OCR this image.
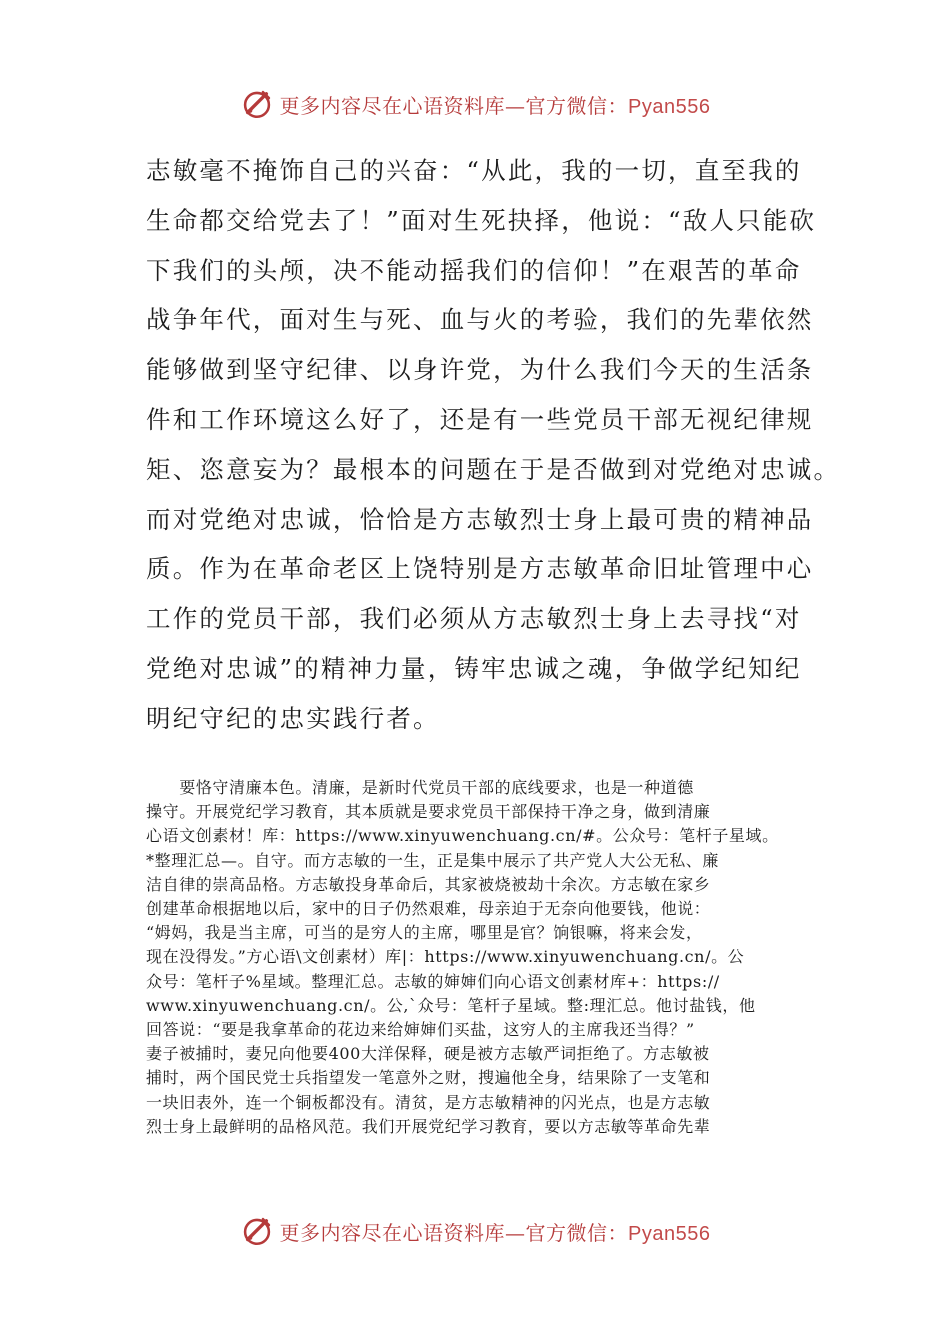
更多内容尽在心语资料库—官方微信：Pyan556
志敏毫不掩饰自己的兴奋：“从此，我的一切，直至我的
生命都交给党去了！”面对生死抉择，他说：“敌人只能砍
下我们的头颅，决不能动摇我们的信仰！”在艰苦的革命
战争年代，面对生与死、血与火的考验，我们的先辈依然
能够做到坚守纪律、以身许党，为什么我们今天的生活条
件和工作环境这么好了，还是有一些党员干部无视纪律规
矩、恣意妄为？最根本的问题在于是否做到对党绝对忠诚。
而对党绝对忠诚，恰恰是方志敏烈士身上最可贵的精神品
质。作为在革命老区上饶特别是方志敏革命旧址管理中心
工作的党员干部，我们必须从方志敏烈士身上去寻找“对
党绝对忠诚”的精神力量，铸牢忠诚之魂，争做学纪知纪
明纪守纪的忠实践行者。
　　要恪守清廉本色。清廉，是新时代党员干部的底线要求，也是一种道德
操守。开展党纪学习教育，其本质就是要求党员干部保持干净之身，做到清廉
心语文创素材！库：https://www.xinyuwenchuang.cn/#。公众号：笔杆子星域。
*整理汇总—。自守。而方志敏的一生，正是集中展示了共产党人大公无私、廉
洁自律的崇高品格。方志敏投身革命后，其家被烧被劫十余次。方志敏在家乡
创建革命根据地以后，家中的日子仍然艰难，母亲迫于无奈向他要钱，他说：
“姆妈，我是当主席，可当的是穷人的主席，哪里是官？饷银嘛，将来会发，
现在没得发。”方心语\文创素材）库|：https://www.xinyuwenchuang.cn/。公
众号：笔杆子%星域。整理汇总。志敏的婶婶们向心语文创素材库+：https://
www.xinyuwenchuang.cn/。公,`众号：笔杆子星域。整:理汇总。他讨盐钱，他
回答说：“要是我拿革命的花边来给婶婶们买盐，这穷人的主席我还当得？”
妻子被捕时，妻兄向他要400大洋保释，硬是被方志敏严词拒绝了。方志敏被
捕时，两个国民党士兵指望发一笔意外之财，搜遍他全身，结果除了一支笔和
一块旧表外，连一个铜板都没有。清贫，是方志敏精神的闪光点，也是方志敏
烈士身上最鲜明的品格风范。我们开展党纪学习教育，要以方志敏等革命先辈
更多内容尽在心语资料库—官方微信：Pyan556
